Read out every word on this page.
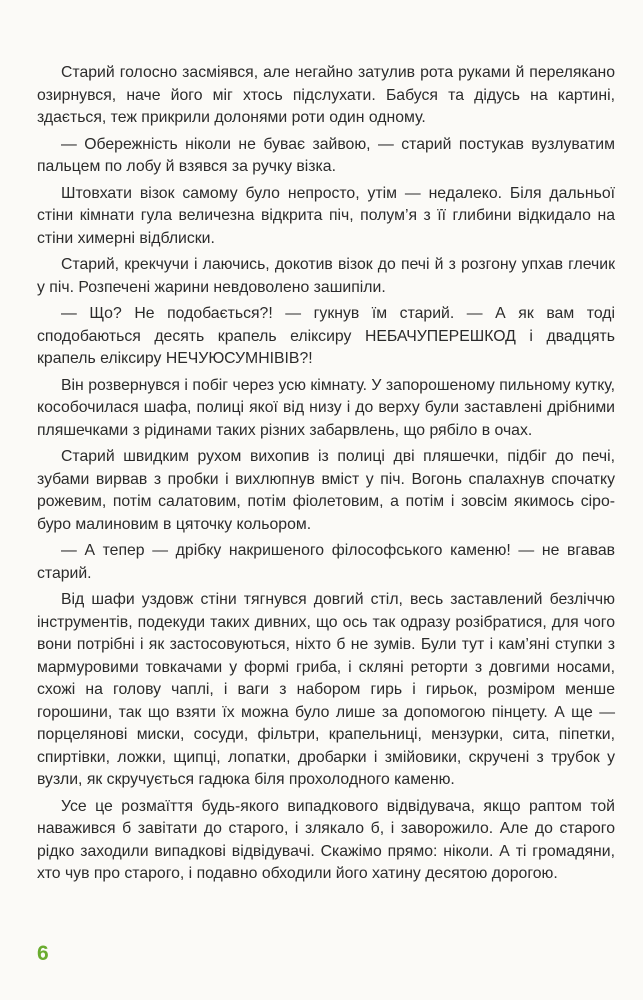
Старий голосно засміявся, але негайно затулив рота руками й перелякано озирнувся, наче його міг хтось підслухати. Бабуся та дідусь на картині, здається, теж прикрили долонями роти один одному.

— Обережність ніколи не буває зайвою, — старий постукав вузлуватим пальцем по лобу й взявся за ручку візка.

Штовхати візок самому було непросто, утім — недалеко. Біля дальньої стіни кімнати гула величезна відкрита піч, полум’я з її глибини відкидало на стіни химерні відблиски.

Старий, крекчучи і лаючись, докотив візок до печі й з розгону упхав глечик у піч. Розпечені жарини невдоволено зашипіли.

— Що? Не подобається?! — гукнув їм старий. — А як вам тоді сподобаються десять крапель еліксиру НЕБАЧУПЕРЕШКОД і двадцять крапель еліксиру НЕЧУЮСУМНІВІВ?!

Він розвернувся і побіг через усю кімнату. У запорошеному пильному кутку, кособочилася шафа, полиці якої від низу і до верху були заставлені дрібними пляшечками з рідинами таких різних забарвлень, що рябіло в очах.

Старий швидким рухом вихопив із полиці дві пляшечки, підбіг до печі, зубами вирвав з пробки і вихлюпнув вміст у піч. Вогонь спалахнув спочатку рожевим, потім салатовим, потім фіолетовим, а потім і зовсім якимось сіро-буро малиновим в цяточку кольором.

— А тепер — дрібку накришеного філософського каменю! — не вгавав старий.

Від шафи уздовж стіни тягнувся довгий стіл, весь заставлений безліччю інструментів, подекуди таких дивних, що ось так одразу розібратися, для чого вони потрібні і як застосовуються, ніхто б не зумів. Були тут і кам’яні ступки з мармуровими товкачами у формі гриба, і скляні реторти з довгими носами, схожі на голову чаплі, і ваги з набором гирь і гирьок, розміром менше горошини, так що взяти їх можна було лише за допомогою пінцету. А ще — порцелянові миски, сосуди, фільтри, крапельниці, мензурки, сита, піпетки, спиртівки, ложки, щипці, лопатки, дробарки і змійовики, скручені з трубок у вузли, як скручується гадюка біля прохолодного каменю.

Усе це розмаїття будь-якого випадкового відвідувача, якщо раптом той наважився б завітати до старого, і злякало б, і заворожило. Але до старого рідко заходили випадкові відвідувачі. Скажімо прямо: ніколи. А ті громадяни, хто чув про старого, і подавно обходили його хатину десятою дорогою.

6
